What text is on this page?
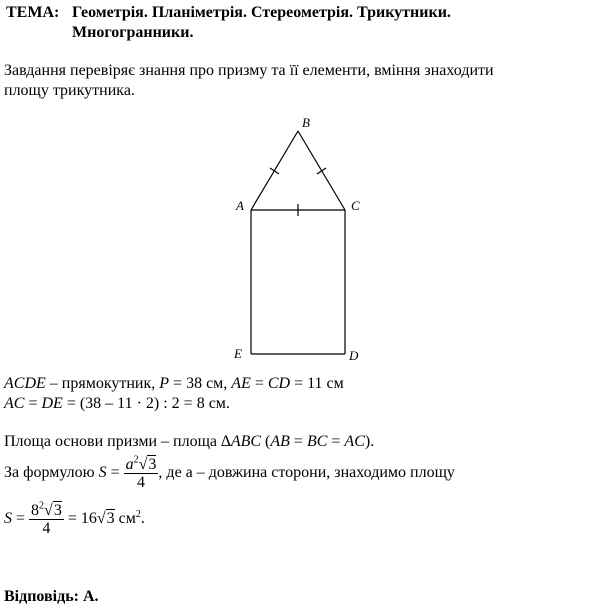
ТЕМА: Геометрія. Планіметрія. Стереометрія. Трикутники.
Многогранники.
Завдання перевіряє знання про призму та її елементи, вміння знаходити
площу трикутника.
B
A	C
E	D
ACDE – прямокутник, P = 38 см, AE = CD = 11 см
AC = DE = (38 – 11 · 2) : 2 = 8 см.
Площа основи призми – площа ∆ABC (AB = BC = AC).
За формулою $S = \frac{a^2√3}{4}$ , де а – довжина сторони, знаходимо площу
$S = \frac{8^2√3}{4} = 16√3$ $см^2$.
Відповідь: А.
